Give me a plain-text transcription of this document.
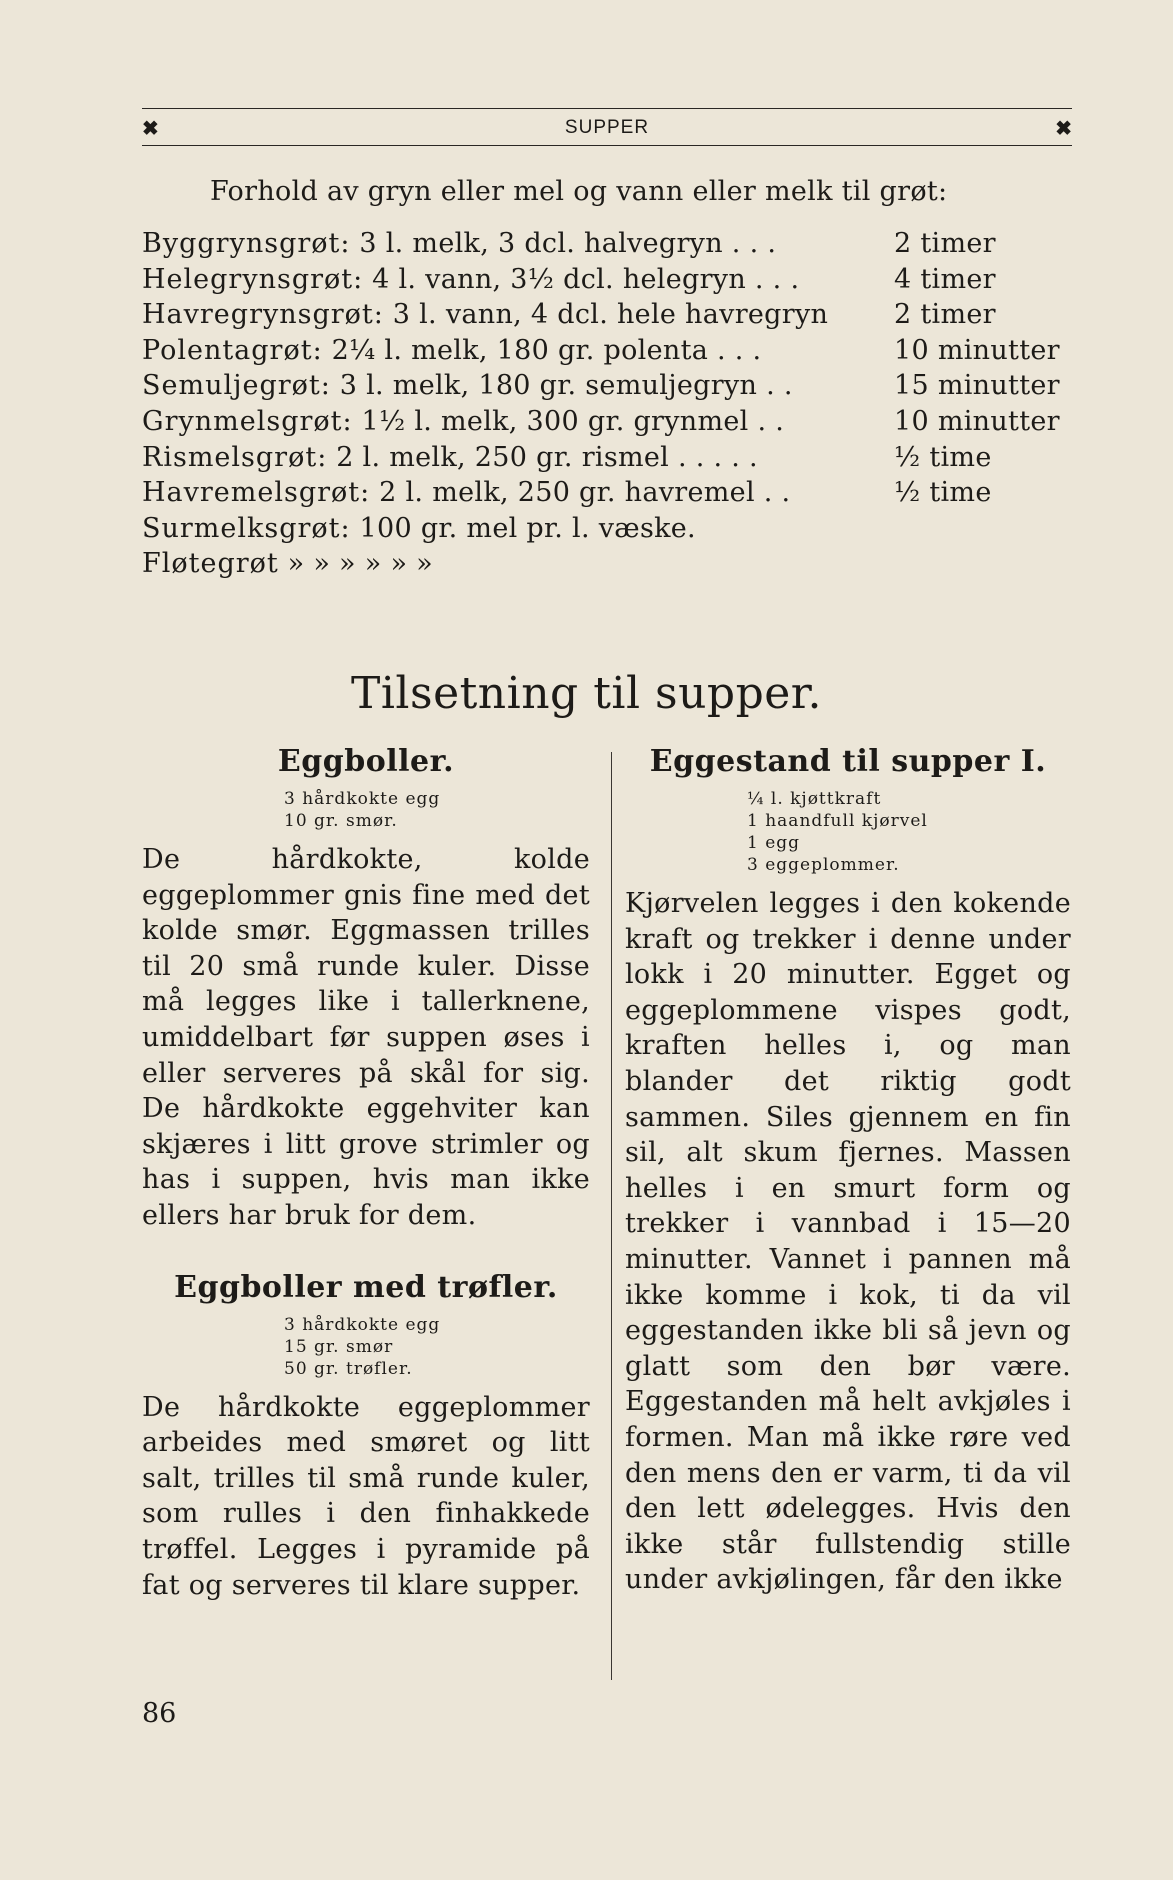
✖	SUPPER	✖
Forhold av gryn eller mel og vann eller melk til grøt:
Byggrynsgrøt: 3 l. melk, 3 dcl. halvegryn . . .	2 timer
Helegrynsgrøt: 4 l. vann, 3½ dcl. helegryn . . .	4 timer
Havregrynsgrøt: 3 l. vann, 4 dcl. hele havregryn 2 timer
Polentagrøt: 2¼ l. melk, 180 gr. polenta . . .	10 minutter
Semuljegrøt: 3 l. melk, 180 gr. semuljegryn . .	15 minutter
Grynmelsgrøt: 1½ l. melk, 300 gr. grynmel . .	10 minutter
Rismelsgrøt: 2 l. melk, 250 gr. rismel . . . . .	½ time
Havremelsgrøt: 2 l. melk, 250 gr. havremel . .	½ time
Surmelksgrøt: 100 gr. mel pr. l. væske.
Fløtegrøt » » » » » »
Tilsetning til supper.
Eggboller.
3 hårdkokte egg
10 gr. smør.

De hårdkokte, kolde eggeplommer gnis fine med det kolde smør. Eggmassen trilles til 20 små runde kuler. Disse må legges like i tallerknene, umiddelbart før suppen øses i eller serveres på skål for sig. De hårdkokte eggehviter kan skjæres i litt grove strimler og has i suppen, hvis man ikke ellers har bruk for dem.

Eggboller med trøfler.
3 hårdkokte egg
15 gr. smør
50 gr. trøfler.

De hårdkokte eggeplommer arbeides med smøret og litt salt, trilles til små runde kuler, som rulles i den finhakkede trøffel. Legges i pyramide på fat og serveres til klare supper.

Eggestand til supper I.
¼ l. kjøttkraft
1 haandfull kjørvel
1 egg
3 eggeplommer.

Kjørvelen legges i den kokende kraft og trekker i denne under lokk i 20 minutter. Egget og eggeplommene vispes godt, kraften helles i, og man blander det riktig godt sammen. Siles gjennem en fin sil, alt skum fjernes. Massen helles i en smurt form og trekker i vannbad i 15—20 minutter. Vannet i pannen må ikke komme i kok, ti da vil eggestanden ikke bli så jevn og glatt som den bør være. Eggestanden må helt avkjøles i formen. Man må ikke røre ved den mens den er varm, ti da vil den lett ødelegges. Hvis den ikke står fullstendig stille under avkjølingen, får den ikke

86
